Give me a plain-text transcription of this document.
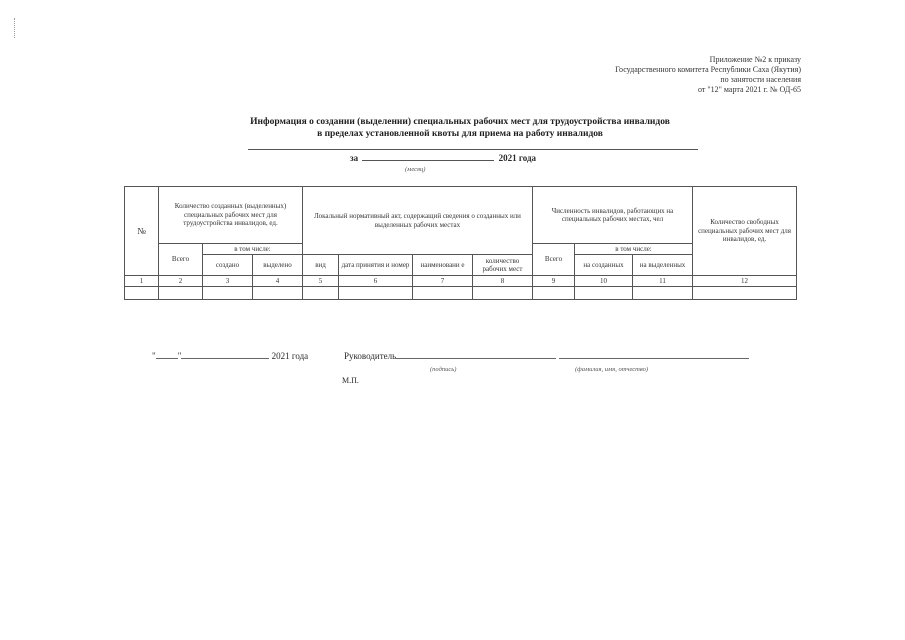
Приложение №2 к приказу
Государственного комитета Республики Саха (Якутия)
по занятости населения
от "12" марта 2021 г. № ОД-65
Информация о создании (выделении) специальных рабочих мест для трудоустройства инвалидов
в пределах установленной квоты для приема на работу инвалидов
за	2021 года
(месяц)
№	Количество созданных (выделенных) специальных рабочих мест для трудоустройства инвалидов, ед.			Локальный нормативный акт, содержащий сведения о созданных или выделенных рабочих местах				Численность инвалидов, работающих на специальных рабочих местах, чел			Количество свободных специальных рабочих мест для инвалидов, ед.
	Всего	в том числе:						Всего	в том числе:		
		создано	выделено	вид	дата принятия и номер	наименовани е	количество рабочих мест		на созданных	на выделенных	
1	2	3	4	5	6	7	8	9	10	11	12

" "	2021 года	Руководитель
(подпись)	(фамилия, имя, отчество)
М.П.
